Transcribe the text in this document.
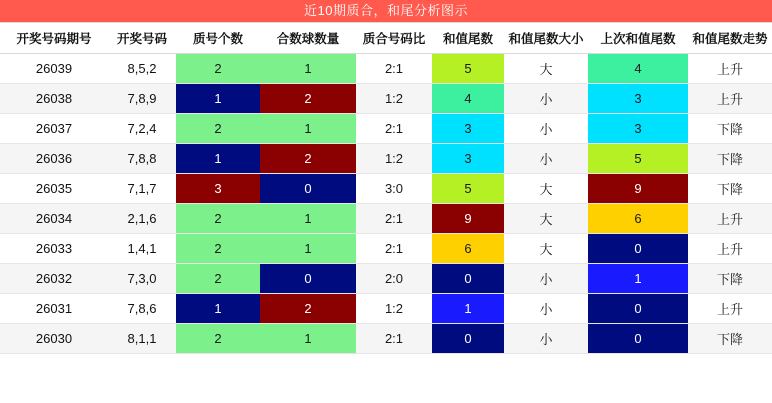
近10期质合，和尾分析图示
开奖号码期号	开奖号码	质号个数	合数球数量	质合号码比	和值尾数	和值尾数大小	上次和值尾数	和值尾数走势
26039	8,5,2	2	1	2:1	5	大	4	上升
26038	7,8,9	1	2	1:2	4	小	3	上升
26037	7,2,4	2	1	2:1	3	小	3	下降
26036	7,8,8	1	2	1:2	3	小	5	下降
26035	7,1,7	3	0	3:0	5	大	9	下降
26034	2,1,6	2	1	2:1	9	大	6	上升
26033	1,4,1	2	1	2:1	6	大	0	上升
26032	7,3,0	2	0	2:0	0	小	1	下降
26031	7,8,6	1	2	1:2	1	小	0	上升
26030	8,1,1	2	1	2:1	0	小	0	下降
